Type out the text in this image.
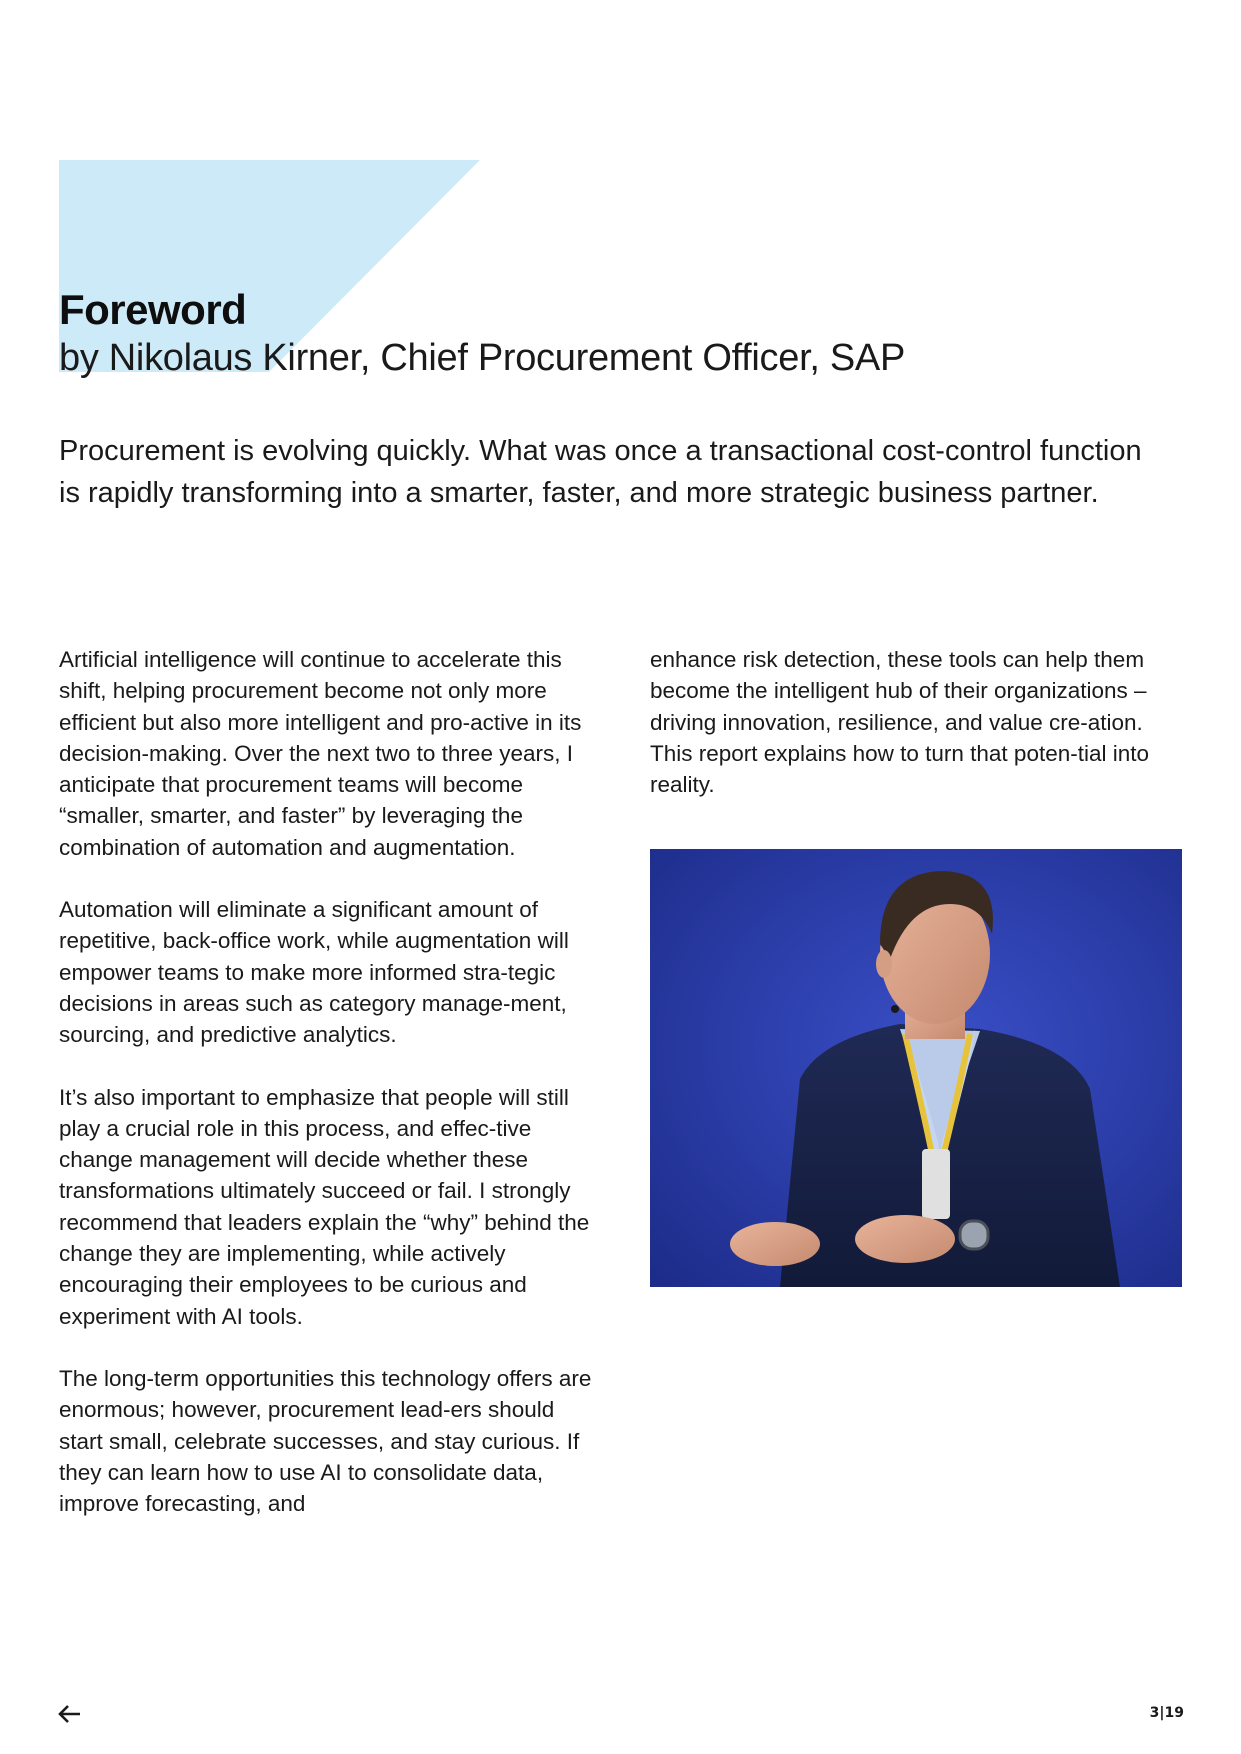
Foreword
by Nikolaus Kirner, Chief Procurement Officer, SAP

Procurement is evolving quickly. What was once a transactional cost-control function is rapidly transforming into a smarter, faster, and more strategic business partner.

Artificial intelligence will continue to accelerate this shift, helping procurement become not only more efficient but also more intelligent and pro-active in its decision-making. Over the next two to three years, I anticipate that procurement teams will become “smaller, smarter, and faster” by leveraging the combination of automation and augmentation.

Automation will eliminate a significant amount of repetitive, back-office work, while augmentation will empower teams to make more informed stra-tegic decisions in areas such as category manage-ment, sourcing, and predictive analytics.

It’s also important to emphasize that people will still play a crucial role in this process, and effec-tive change management will decide whether these transformations ultimately succeed or fail. I strongly recommend that leaders explain the “why” behind the change they are implementing, while actively encouraging their employees to be curious and experiment with AI tools.

The long-term opportunities this technology offers are enormous; however, procurement lead-ers should start small, celebrate successes, and stay curious. If they can learn how to use AI to consolidate data, improve forecasting, and

enhance risk detection, these tools can help them become the intelligent hub of their organizations – driving innovation, resilience, and value cre-ation. This report explains how to turn that poten-tial into reality.

3|19
